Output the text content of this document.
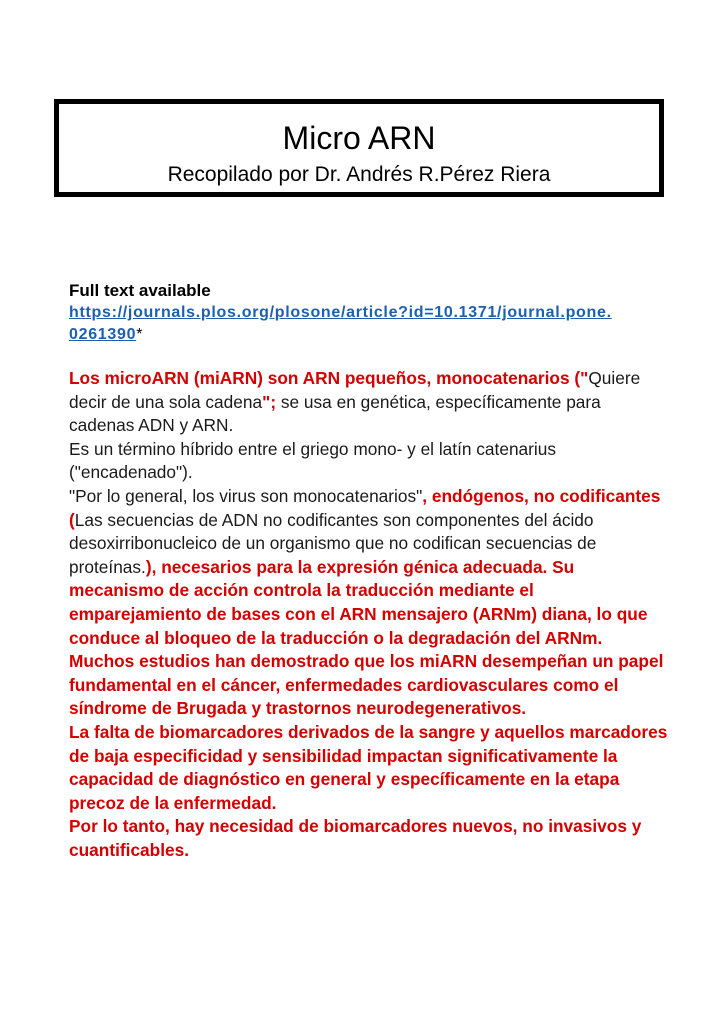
Micro ARN
Recopilado por Dr. Andrés R.Pérez Riera
Full text available
https://journals.plos.org/plosone/article?id=10.1371/journal.pone.
0261390*
Los microARN (miARN) son ARN pequeños, monocatenarios ("Quiere decir de una sola cadena"; se usa en genética, específicamente para cadenas ADN y ARN.
Es un término híbrido entre el griego mono- y el latín catenarius ("encadenado").
"Por lo general, los virus son monocatenarios", endógenos, no codificantes (Las secuencias de ADN no codificantes son componentes del ácido desoxirribonucleico de un organismo que no codifican secuencias de proteínas.), necesarios para la expresión génica adecuada. Su mecanismo de acción controla la traducción mediante el emparejamiento de bases con el ARN mensajero (ARNm) diana, lo que conduce al bloqueo de la traducción o la degradación del ARNm.
Muchos estudios han demostrado que los miARN desempeñan un papel fundamental en el cáncer, enfermedades cardiovasculares como el síndrome de Brugada y trastornos neurodegenerativos.
La falta de biomarcadores derivados de la sangre y aquellos marcadores de baja especificidad y sensibilidad impactan significativamente la capacidad de diagnóstico en general y específicamente en la etapa precoz de la enfermedad.
Por lo tanto, hay necesidad de biomarcadores nuevos, no invasivos y cuantificables.
